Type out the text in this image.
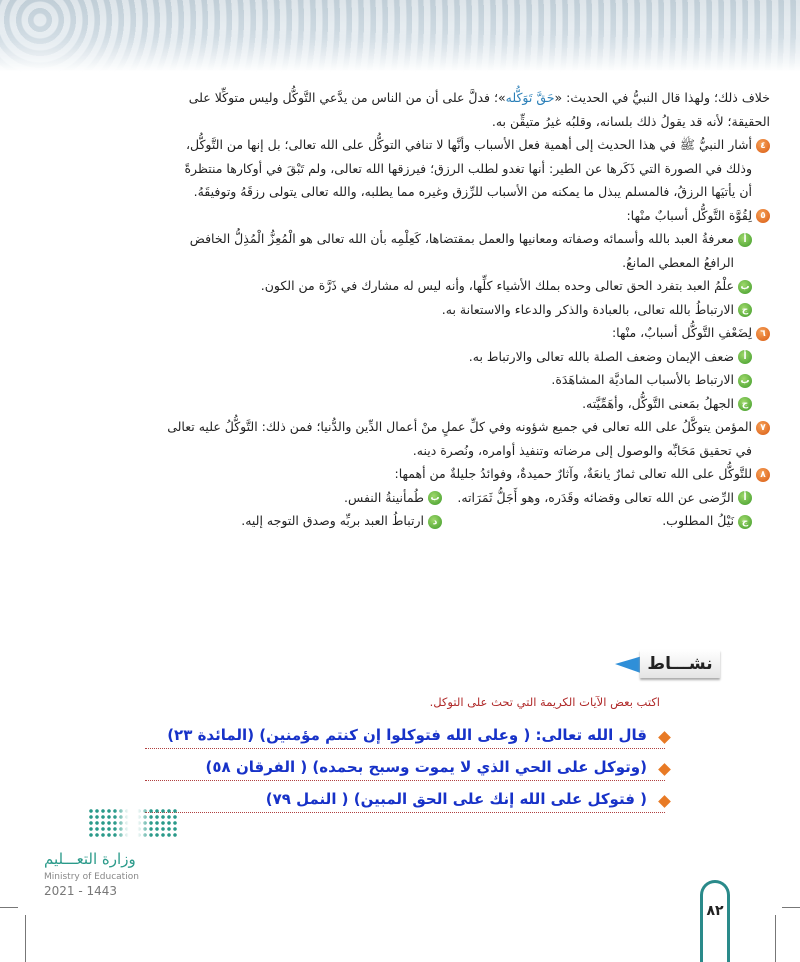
خلاف ذلك؛ ولهذا قال النبيُّ في الحديث: «حَقَّ تَوَكُّله»؛ فدلَّ على أن من الناس من يدَّعي التَّوكُّل وليس متوكِّلا على
الحقيقة؛ لأنه قد يقولُ ذلك بلسانه، وقلبُه غيرُ متيقِّن به.
٤أشار النبيُّ ﷺ في هذا الحديث إلى أهمية فعل الأسباب وأنَّها لا تنافي التوكُّل على الله تعالى؛ بل إنها من التَّوكُّل،
وذلك في الصورة التي ذَكَرها عن الطير: أنها تغدو لطلب الرزق؛ فيرزقها الله تعالى، ولم تَبْقَ في أوكارها منتظرةً
أن يأتيَها الرزقُ، فالمسلم يبذل ما يمكنه من الأسباب للرِّزق وغيره مما يطلبه، والله تعالى يتولى رزقَهُ وتوفيقَهُ.
٥لِقُوَّة التَّوكُّل أسبابٌ منْها:
أمعرفةُ العبد بالله وأسمائه وصفاته ومعانيها والعمل بمقتضاها، كَعِلْمِه بأن الله تعالى هو الْمُعِزُّ الْمُذِلُّ الخافض
الرافعُ المعطي المانعُ.
بعلْمُ العبد بتفرد الحق تعالى وحده بملك الأشياء كلِّها، وأنه ليس له مشارك في ذَرَّة من الكون.
جالارتباطُ بالله تعالى، بالعبادة والذكر والدعاء والاستعانة به.
٦لِضَعْفِ التَّوكُّل أسبابٌ، منْها:
أضعف الإيمان وضعف الصلة بالله تعالى والارتباط به.
بالارتباط بالأسباب الماديَّة المشاهَدَة.
جالجهلُ بمَعنى التَّوكُّل، وأهَمِّيَّته.
٧المؤمن يتوكَّلُ على الله تعالى في جميع شؤونه وفي كلِّ عملٍ منْ أعمال الدِّين والدُّنيا؛ فمن ذلك: التَّوكُّلُ عليه تعالى
في تحقيق مَحَابِّه والوصول إلى مرضاته وتنفيذ أوامره، ونُصرة دينه.
٨للتَّوكُّل على الله تعالى ثمارٌ يانعَةٌ، وآثارٌ حميدةٌ، وفوائدُ جليلةٌ من أهمها:
أالرِّضى عن الله تعالى وقضائه وقَدَره، وهو أَجَلُّ ثَمَرَاته.
بطُمأنينةُ النفس.
جنَيْلُ المطلوب.
دارتباطُ العبد بربِّه وصدق التوجه إليه.
نشـــاط
اكتب بعض الآيات الكريمة التي تحث على التوكل.
قال الله تعالى: ( وعلى الله فتوكلوا إن كنتم مؤمنين) (المائدة ٢٣)
(وتوكل على الحي الذي لا يموت وسبح بحمده) ( الفرقان ٥٨)
( فتوكل على الله إنك على الحق المبين) ( النمل ٧٩)
وزارة التعـــليم
Ministry of Education
2021 - 1443
٨٢
